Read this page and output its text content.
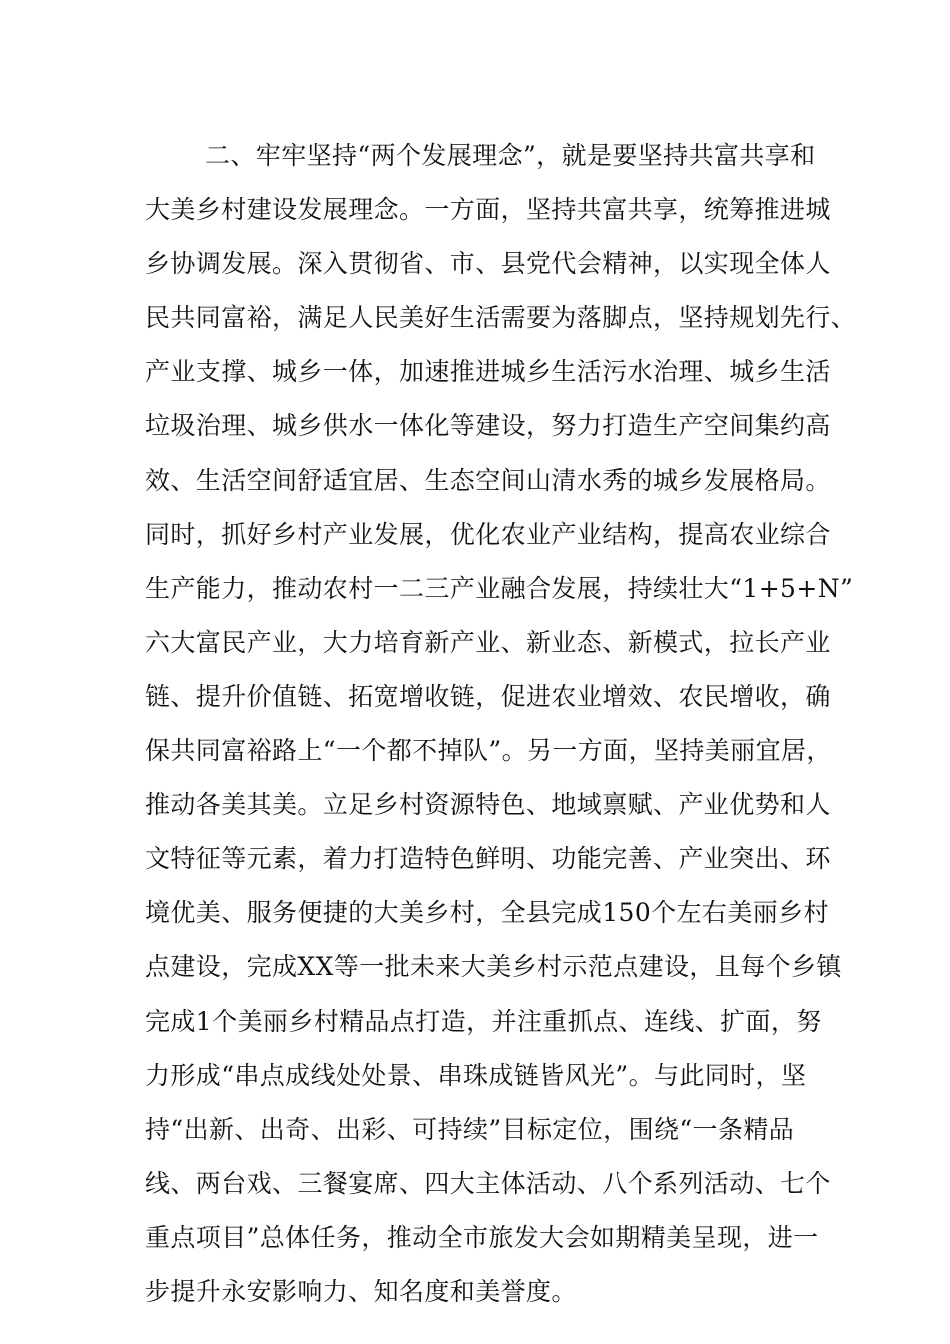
二、牢牢坚持“两个发展理念”，就是要坚持共富共享和
大美乡村建设发展理念。一方面，坚持共富共享，统筹推进城
乡协调发展。深入贯彻省、市、县党代会精神，以实现全体人
民共同富裕，满足人民美好生活需要为落脚点，坚持规划先行、
产业支撑、城乡一体，加速推进城乡生活污水治理、城乡生活
垃圾治理、城乡供水一体化等建设，努力打造生产空间集约高
效、生活空间舒适宜居、生态空间山清水秀的城乡发展格局。
同时，抓好乡村产业发展，优化农业产业结构，提高农业综合
生产能力，推动农村一二三产业融合发展，持续壮大“1+5+N”
六大富民产业，大力培育新产业、新业态、新模式，拉长产业
链、提升价值链、拓宽增收链，促进农业增效、农民增收，确
保共同富裕路上“一个都不掉队”。另一方面，坚持美丽宜居，
推动各美其美。立足乡村资源特色、地域禀赋、产业优势和人
文特征等元素，着力打造特色鲜明、功能完善、产业突出、环
境优美、服务便捷的大美乡村，全县完成150个左右美丽乡村
点建设，完成XX等一批未来大美乡村示范点建设，且每个乡镇
完成1个美丽乡村精品点打造，并注重抓点、连线、扩面，努
力形成“串点成线处处景、串珠成链皆风光”。与此同时，坚
持“出新、出奇、出彩、可持续”目标定位，围绕“一条精品
线、两台戏、三餐宴席、四大主体活动、八个系列活动、七个
重点项目”总体任务，推动全市旅发大会如期精美呈现，进一
步提升永安影响力、知名度和美誉度。
